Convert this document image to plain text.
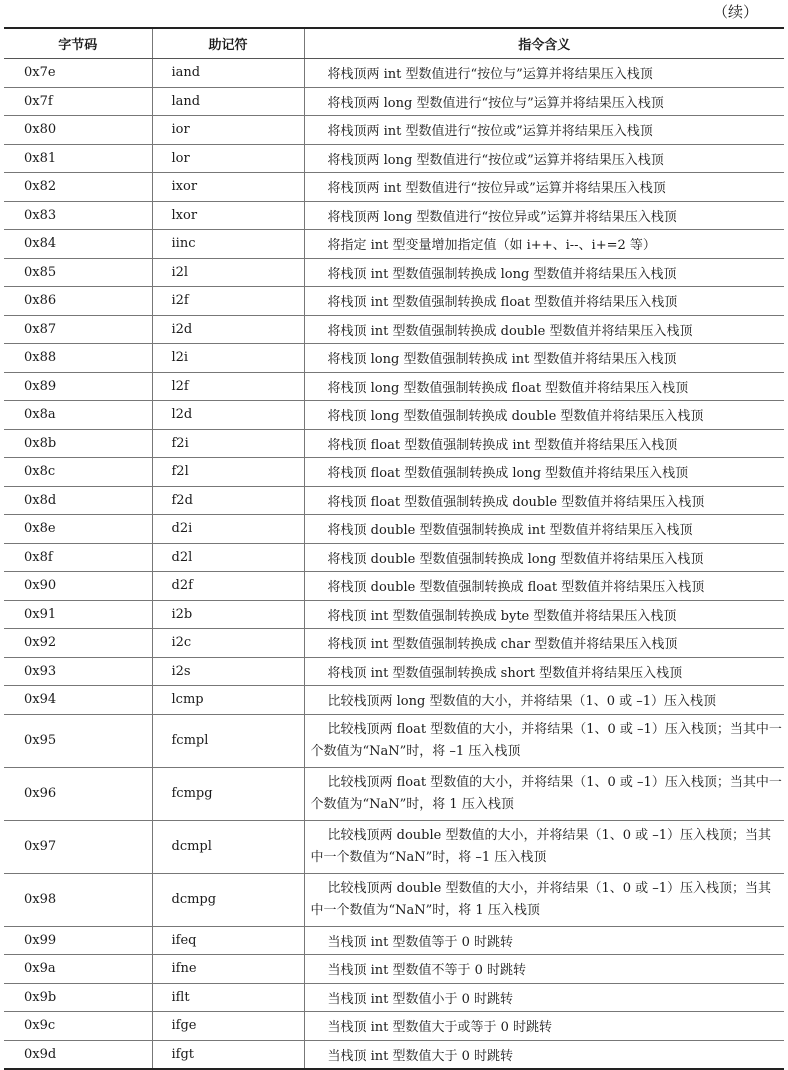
（续）
字节码	助记符	指令含义
0x7e	iand	将栈顶两 int 型数值进行“按位与”运算并将结果压入栈顶
0x7f	land	将栈顶两 long 型数值进行“按位与”运算并将结果压入栈顶
0x80	ior	将栈顶两 int 型数值进行“按位或”运算并将结果压入栈顶
0x81	lor	将栈顶两 long 型数值进行“按位或”运算并将结果压入栈顶
0x82	ixor	将栈顶两 int 型数值进行“按位异或”运算并将结果压入栈顶
0x83	lxor	将栈顶两 long 型数值进行“按位异或”运算并将结果压入栈顶
0x84	iinc	将指定 int 型变量增加指定值（如 i++、i--、i+=2 等）
0x85	i2l	将栈顶 int 型数值强制转换成 long 型数值并将结果压入栈顶
0x86	i2f	将栈顶 int 型数值强制转换成 float 型数值并将结果压入栈顶
0x87	i2d	将栈顶 int 型数值强制转换成 double 型数值并将结果压入栈顶
0x88	l2i	将栈顶 long 型数值强制转换成 int 型数值并将结果压入栈顶
0x89	l2f	将栈顶 long 型数值强制转换成 float 型数值并将结果压入栈顶
0x8a	l2d	将栈顶 long 型数值强制转换成 double 型数值并将结果压入栈顶
0x8b	f2i	将栈顶 float 型数值强制转换成 int 型数值并将结果压入栈顶
0x8c	f2l	将栈顶 float 型数值强制转换成 long 型数值并将结果压入栈顶
0x8d	f2d	将栈顶 float 型数值强制转换成 double 型数值并将结果压入栈顶
0x8e	d2i	将栈顶 double 型数值强制转换成 int 型数值并将结果压入栈顶
0x8f	d2l	将栈顶 double 型数值强制转换成 long 型数值并将结果压入栈顶
0x90	d2f	将栈顶 double 型数值强制转换成 float 型数值并将结果压入栈顶
0x91	i2b	将栈顶 int 型数值强制转换成 byte 型数值并将结果压入栈顶
0x92	i2c	将栈顶 int 型数值强制转换成 char 型数值并将结果压入栈顶
0x93	i2s	将栈顶 int 型数值强制转换成 short 型数值并将结果压入栈顶
0x94	lcmp	比较栈顶两 long 型数值的大小，并将结果（1、0 或 –1）压入栈顶
0x95	fcmpl	比较栈顶两 float 型数值的大小，并将结果（1、0 或 –1）压入栈顶；当其中一个数值为“NaN”时，将 –1 压入栈顶
0x96	fcmpg	比较栈顶两 float 型数值的大小，并将结果（1、0 或 –1）压入栈顶；当其中一个数值为“NaN”时，将 1 压入栈顶
0x97	dcmpl	比较栈顶两 double 型数值的大小，并将结果（1、0 或 –1）压入栈顶；当其中一个数值为“NaN”时，将 –1 压入栈顶
0x98	dcmpg	比较栈顶两 double 型数值的大小，并将结果（1、0 或 –1）压入栈顶；当其中一个数值为“NaN”时，将 1 压入栈顶
0x99	ifeq	当栈顶 int 型数值等于 0 时跳转
0x9a	ifne	当栈顶 int 型数值不等于 0 时跳转
0x9b	iflt	当栈顶 int 型数值小于 0 时跳转
0x9c	ifge	当栈顶 int 型数值大于或等于 0 时跳转
0x9d	ifgt	当栈顶 int 型数值大于 0 时跳转
